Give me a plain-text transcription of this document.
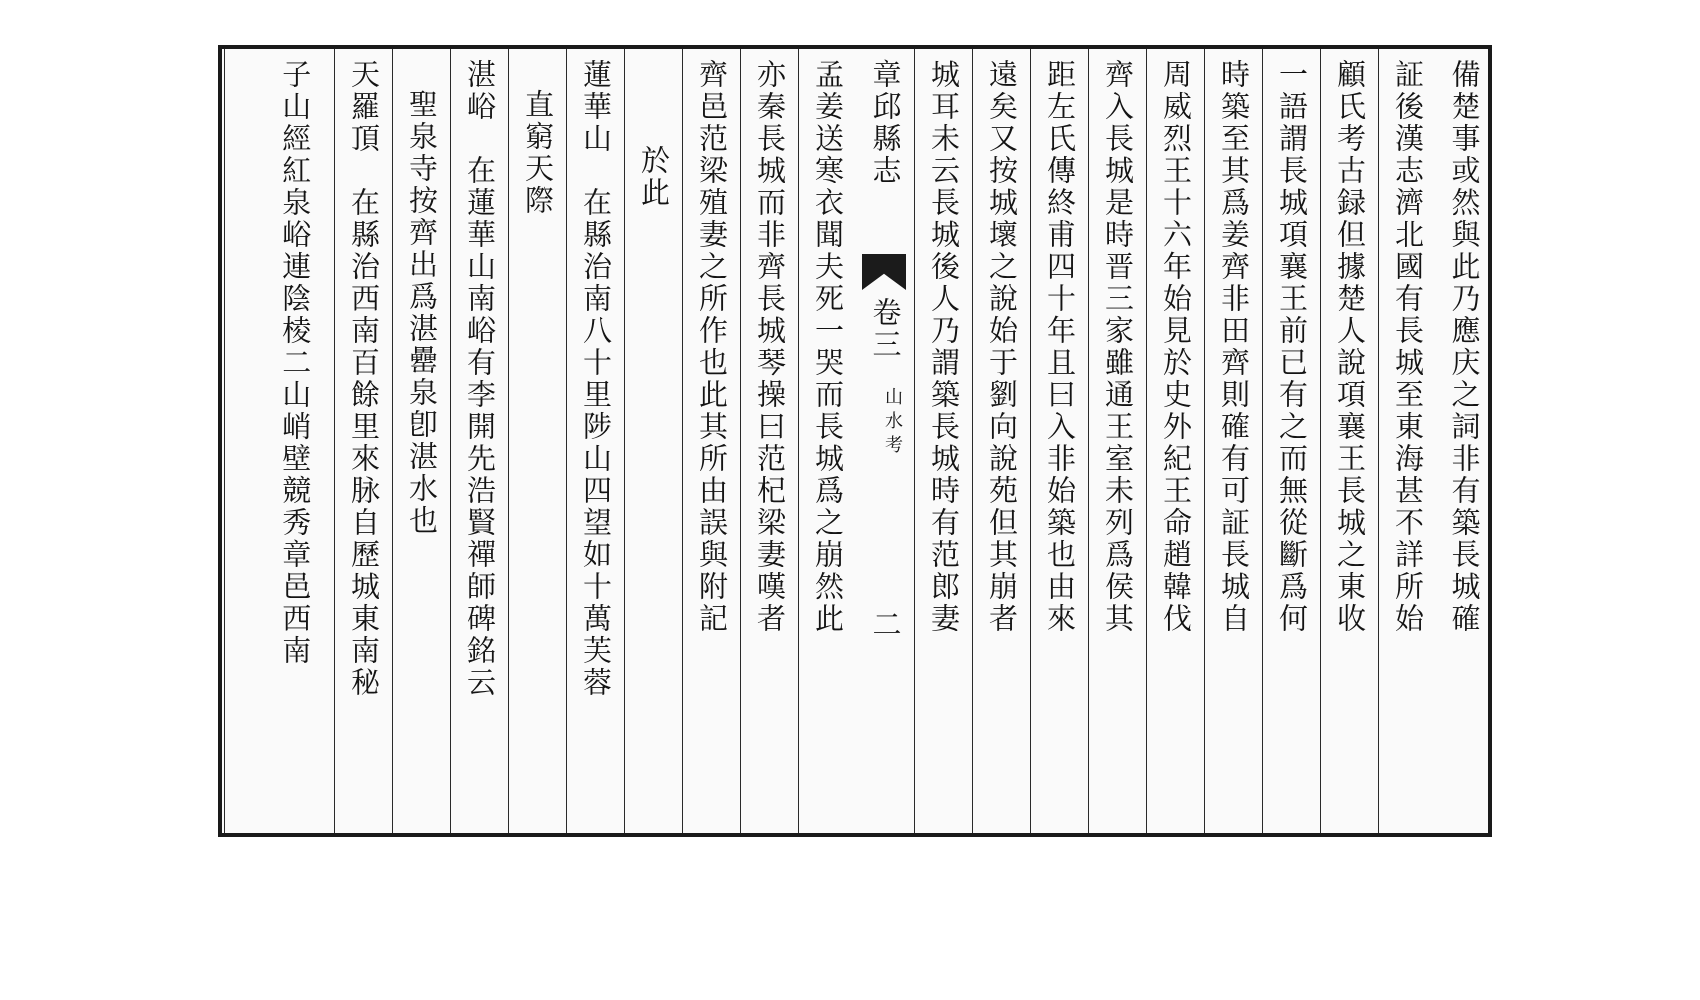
備楚事或然與此乃應庆之詞非有築長城確
証後漢志濟北國有長城至東海甚不詳所始
顧氏考古録但據楚人說項襄王長城之東收
一語謂長城項襄王前已有之而無從斷爲何
時築至其爲姜齊非田齊則確有可証長城自
周威烈王十六年始見於史外紀王命趙韓伐
齊入長城是時晋三家雖通王室未列爲侯其
距左氏傳終甫四十年且曰入非始築也由來
遠矣又按城壞之說始于劉向說苑但其崩者
城耳未云長城後人乃謂築長城時有范郎妻
章邱縣志
卷三
山水考
二
孟姜送寒衣聞夫死一哭而長城爲之崩然此
亦秦長城而非齊長城琴操曰范杞梁妻嘆者
齊邑范梁殖妻之所作也此其所由誤與附記
於此
蓮華山　在縣治南八十里陟山四望如十萬芙蓉
直窮天際
湛峪　在蓮華山南峪有李開先浩賢禪師碑銘云
聖泉寺按齊出爲湛罍泉卽湛水也
天羅頂　在縣治西南百餘里來脉自歷城東南秘
子山經紅泉峪連陰棱二山峭壁競秀章邑西南
